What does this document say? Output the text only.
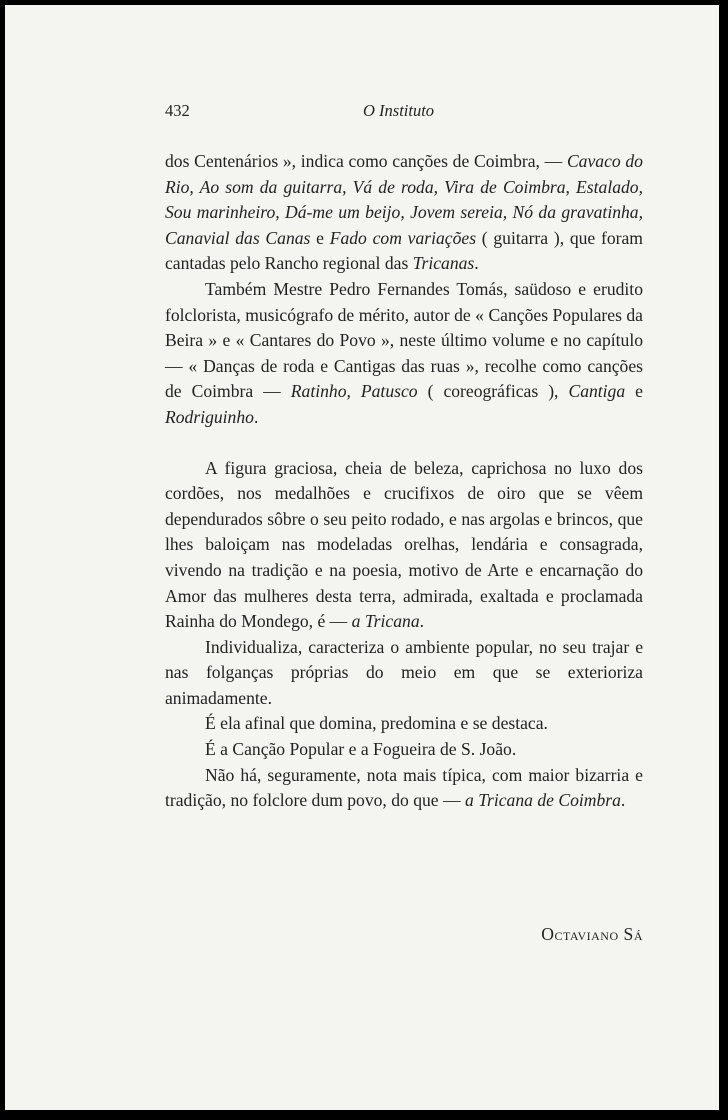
432	O Instituto

dos Centenários », indica como canções de Coimbra, — Cavaco do Rio, Ao som da guitarra, Vá de roda, Vira de Coimbra, Estalado, Sou marinheiro, Dá-me um beijo, Jovem sereia, Nó da gravatinha, Canavial das Canas e Fado com variações ( guitarra ), que foram cantadas pelo Rancho regional das Tricanas.

Também Mestre Pedro Fernandes Tomás, saüdoso e erudito folclorista, musicógrafo de mérito, autor de « Canções Populares da Beira » e « Cantares do Povo », neste último volume e no capítulo — « Danças de roda e Cantigas das ruas », recolhe como canções de Coimbra — Ratinho, Patusco ( coreográficas ), Cantiga e Rodriguinho.

A figura graciosa, cheia de beleza, caprichosa no luxo dos cordões, nos medalhões e crucifixos de oiro que se vêem dependurados sôbre o seu peito rodado, e nas argolas e brincos, que lhes baloiçam nas modeladas orelhas, lendária e consagrada, vivendo na tradição e na poesia, motivo de Arte e encarnação do Amor das mulheres desta terra, admirada, exaltada e proclamada Rainha do Mondego, é — a Tricana.

Individualiza, caracteriza o ambiente popular, no seu trajar e nas folganças próprias do meio em que se exterioriza animadamente.

É ela afinal que domina, predomina e se destaca.

É a Canção Popular e a Fogueira de S. João.

Não há, seguramente, nota mais típica, com maior bizarria e tradição, no folclore dum povo, do que — a Tricana de Coimbra.

Octaviano Sá
